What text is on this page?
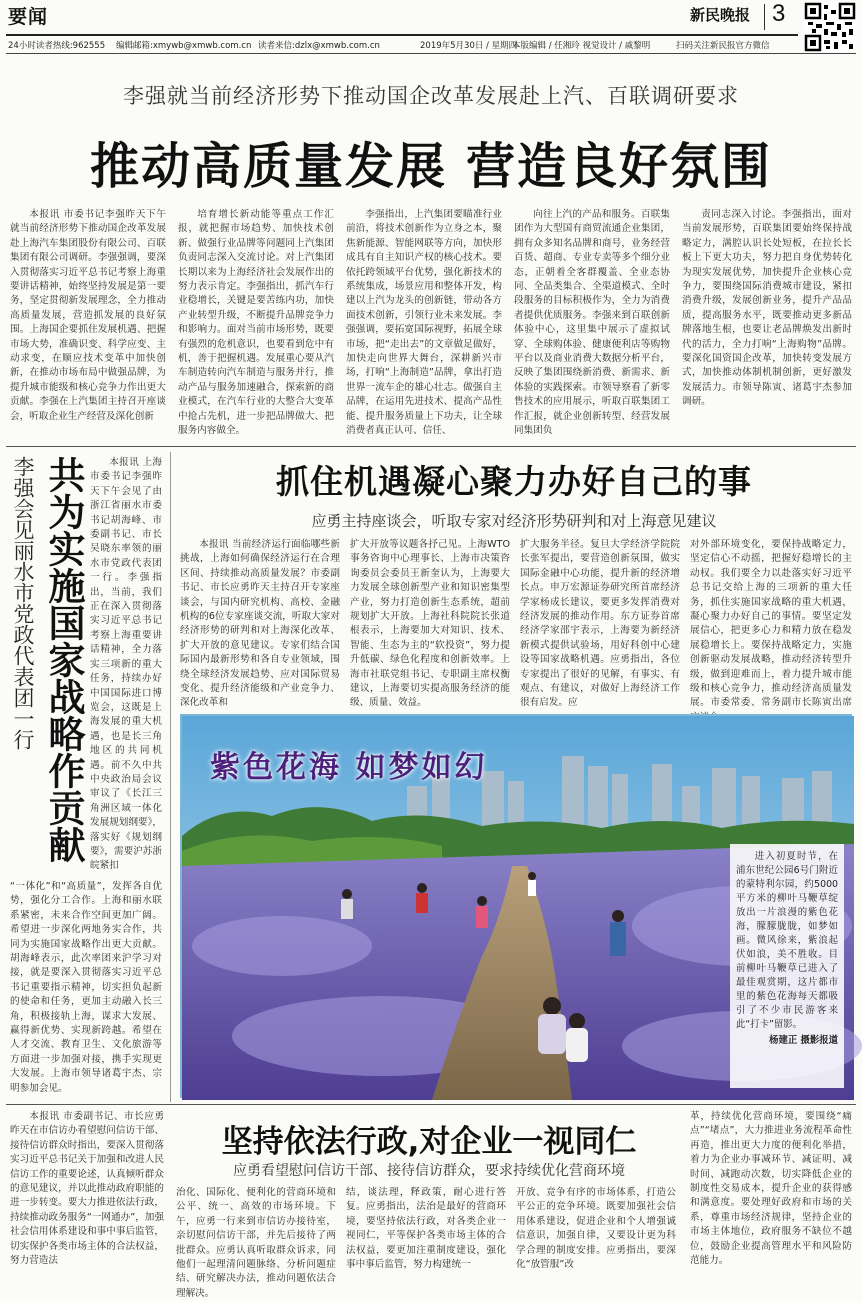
要闻	新民晚报 3
24小时读者热线:962555 编辑邮箱:xmywb@xmwb.com.cn 读者来信:dzlx@xmwb.com.cn	2019年5月30日 / 星期四
本版编辑 / 任湘玲 视觉设计 / 戚黎明	扫码关注新民报官方微信
李强就当前经济形势下推动国企改革发展赴上汽、百联调研要求
推动高质量发展 营造良好氛围

本报讯 市委书记李强昨天下午就当前经济形势下推动国企改革发展赴上海汽车集团股份有限公司、百联集团有限公司调研。李强强调，要深入贯彻落实习近平总书记考察上海重要讲话精神，始终坚持发展是第一要务，坚定贯彻新发展理念，全力推动高质量发展，营造抓发展的良好氛围。上海国企要抓住发展机遇、把握市场大势，准确识变、科学应变、主动求变，在顺应技术变革中加快创新，在推动市场布局中做强品牌，为提升城市能级和核心竞争力作出更大贡献。李强在上汽集团主持召开座谈会，听取企业生产经营及深化创新

培育增长新动能等重点工作汇报，就把握市场趋势、加快技术创新、做强行业品牌等问题同上汽集团负责同志深入交流讨论。对上汽集团长期以来为上海经济社会发展作出的努力表示肯定。李强指出，抓汽车行业稳增长，关键是要苦练内功，加快产业转型升级，不断提升品牌竞争力和影响力。面对当前市场形势，既要有强烈的危机意识，也要看到危中有机，善于把握机遇。发展重心要从汽车制造转向汽车制造与服务并行，推动产品与服务加速融合，探索新的商业模式，在汽车行业的大整合大变革中抢占先机，进一步把品牌做大、把服务内容做全。

李强指出，上汽集团要瞄准行业前沿，将技术创新作为立身之本，聚焦新能源、智能网联等方向，加快形成具有自主知识产权的核心技术。要依托跨领域平台优势，强化新技术的系统集成，场景应用和整体开发，构建以上汽为龙头的创新链，带动各方面技术创新，引领行业未来发展。李强强调，要拓宽国际视野，拓展全球市场，把“走出去”的文章做足做好，加快走向世界大舞台，深耕新兴市场，打响“上海制造”品牌，拿出打造世界一流车企的雄心壮志。做强自主品牌，在运用先进技术、提高产品性能、提升服务质量上下功夫，让全球消费者真正认可、信任、

向往上汽的产品和服务。百联集团作为大型国有商贸流通企业集团，拥有众多知名品牌和商号，业务经营百货、超商、专业专卖等多个细分业态，正朝着全客群覆盖、全业态协同、全品类集合、全渠道模式、全时段服务的目标积极作为，全力为消费者提供优质服务。李强来到百联创新体验中心，这里集中展示了虚拟试穿、全球购体验、健康便利店等购物平台以及商业消费大数据分析平台，反映了集团围绕新消费、新需求、新体验的实践探索。市领导察看了新零售技术的应用展示，听取百联集团工作汇报，就企业创新转型、经营发展同集团负

责同志深入讨论。李强指出，面对当前发展形势，百联集团要始终保持战略定力，满腔认识长处短板，在拉长长板上下更大功夫，努力把自身优势转化为现实发展优势，加快提升企业核心竞争力，要围绕国际消费城市建设，紧扣消费升级，发展创新业务，提升产品品质，提高服务水平，既要推动更多新品牌落地生根，也要让老品牌焕发出新时代的活力，全力打响“上海购物”品牌。要深化国资国企改革，加快转变发展方式，加快推动体制机制创新，更好激发发展活力。市领导陈寅、诸葛宇杰参加调研。

李强会见丽水市党政代表团一行 共为实施国家战略作贡献	本报讯 上海市委书记李强昨天下午会见了由浙江省丽水市委书记胡海峰、市委副书记、市长吴晓东率领的丽水市党政代表团一行。李强指出，当前，我们正在深入贯彻落实习近平总书记考察上海重要讲话精神，全力落实三项新的重大任务，持续办好中国国际进口博览会，这既是上海发展的重大机遇，也是长三角地区的共同机遇。前不久中共中央政治局会议审议了《长江三角洲区域一体化发展规划纲要》，落实好《规划纲要》，需要沪苏浙皖紧扣

“一体化”和“高质量”，发挥各自优势，强化分工合作。上海和丽水联系紧密，未来合作空间更加广阔。希望进一步深化两地务实合作，共同为实施国家战略作出更大贡献。胡海峰表示，此次率团来沪学习对接，就是要深入贯彻落实习近平总书记重要指示精神，切实担负起新的使命和任务，更加主动融入长三角，积极接轨上海，谋求大发展、赢得新优势、实现新跨越。希望在人才交流、教育卫生、文化旅游等方面进一步加强对接，携手实现更大发展。上海市领导诸葛宇杰、宗明参加会见。

抓住机遇凝心聚力办好自己的事
应勇主持座谈会，听取专家对经济形势研判和对上海意见建议

本报讯 当前经济运行面临哪些新挑战，上海如何确保经济运行在合理区间、持续推动高质量发展？市委副书记、市长应勇昨天主持召开专家座谈会，与国内研究机构、高校、金融机构的6位专家座谈交流，听取大家对经济形势的研判和对上海深化改革、扩大开放的意见建议。专家们结合国际国内最新形势和各自专业领域，围绕全球经济发展趋势、应对国际贸易变化、提升经济能级和产业竞争力、深化改革和

扩大开放等议题各抒己见。上海WTO事务咨询中心理事长、上海市决策咨询委员会委员王新奎认为，上海要大力发展全球创新型产业和知识密集型产业，努力打造创新生态系统，超前规划扩大开放。上海社科院院长张道根表示，上海要加大对知识、技术、智能、生态为主的“软投资”，努力提升低碳、绿色化程度和创新效率。上海市社联党组书记、专职副主席权衡建议，上海要切实提高服务经济的能级、质量、效益。

扩大服务半径。复旦大学经济学院院长张军提出，要营造创新氛围，做实国际金融中心功能，提升新的经济增长点。申万宏源证券研究所首席经济学家杨成长建议，要更多发挥消费对经济发展的推动作用。东方证券首席经济学家邵宇表示，上海要为新经济新模式提供试验场，用好科创中心建设等国家战略机遇。应勇指出，各位专家提出了很好的见解，有事实、有观点、有建议，对做好上海经济工作很有启发。应

对外部环境变化，要保持战略定力，坚定信心不动摇，把握好稳增长的主动权。我们要全力以赴落实好习近平总书记交给上海的三项新的重大任务，抓住实施国家战略的重大机遇，凝心聚力办好自己的事情。要坚定发展信心，把更多心力和精力放在稳发展稳增长上。要保持战略定力，实施创新驱动发展战略，推动经济转型升级，做到迎难而上，着力提升城市能级和核心竞争力，推动经济高质量发展。市委常委、常务副市长陈寅出席

紫色花海 如梦如幻
进入初夏时节，在浦东世纪公园6号门附近的蒙特利尔园，约5000平方米的柳叶马鞭草绽放出一片浪漫的紫色花海，朦朦胧胧，如梦如画。微风徐来，紫浪起伏如浪，美不胜收。目前柳叶马鞭草已进入了最佳观赏期，这片都市里的紫色花海每天都吸引了不少市民游客来此“打卡”留影。
杨建正 摄影报道

本报讯 市委副书记、市长应勇昨天在市信访办看望慰问信访干部、接待信访群众时指出，要深入贯彻落实习近平总书记关于加强和改进人民信访工作的重要论述，认真倾听群众的意见建议，并以此推动政府职能的进一步转变。要大力推进依法行政，持续推动政务服务“一网通办”，加强社会信用体系建设和事中事后监管，切实保护各类市场主体的合法权益，努力营造法

坚持依法行政,对企业一视同仁
应勇看望慰问信访干部、接待信访群众，要求持续优化营商环境

治化、国际化、便利化的营商环境和公平、统一、高效的市场环境。下午，应勇一行来到市信访办接待室，亲切慰问信访干部，并先后接待了两批群众。应勇认真听取群众诉求，同他们一起理清问题脉络、分析问题症结、研究解决办法，推动问题依法合理解决。

结，谈法理，释政策，耐心进行答复。应勇指出，法治是最好的营商环境，要坚持依法行政，对各类企业一视同仁，平等保护各类市场主体的合法权益，要更加注重制度建设，强化事中事后监管，努力构建统一

开放、竞争有序的市场体系，打造公平公正的竞争环境。既要加强社会信用体系建设，促进企业和个人增强诚信意识，加强自律，又要设计更为科学合理的制度安排。应勇指出，要深化“放管服”改

革，持续优化营商环境，要围绕“痛点”“堵点”，大力推进业务流程革命性再造，推出更大力度的便利化举措，着力为企业办事减环节、减证明、减时间、减跑动次数，切实降低企业的制度性交易成本，提升企业的获得感和满意度。要处理好政府和市场的关系，尊重市场经济规律，坚持企业的市场主体地位，政府服务不缺位不越位，鼓励企业提高管理水平和风险防范能力。
